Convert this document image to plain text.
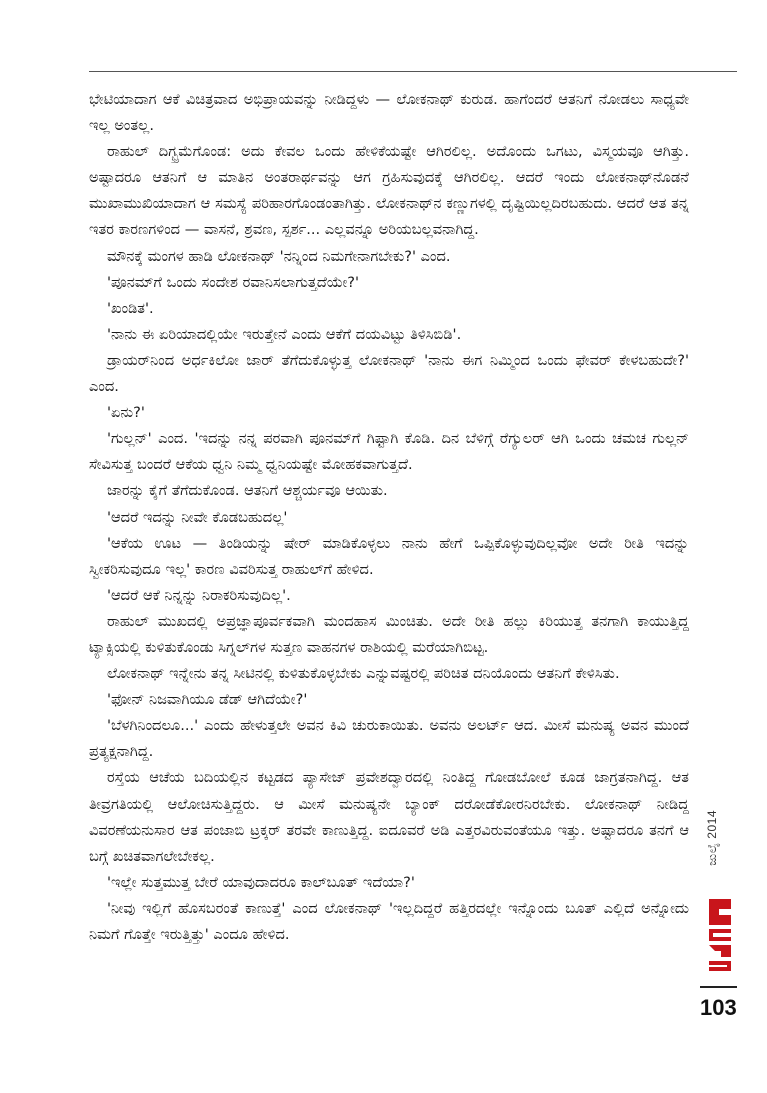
ಭೇಟಿಯಾದಾಗ ಆಕೆ ವಿಚಿತ್ರವಾದ ಅಭಿಪ್ರಾಯವನ್ನು ನೀಡಿದ್ದಳು — ಲೋಕನಾಥ್ ಕುರುಡ. ಹಾಗೆಂದರೆ ಆತನಿಗೆ ನೋಡಲು ಸಾಧ್ಯವೇ ಇಲ್ಲ ಅಂತಲ್ಲ.

ರಾಹುಲ್ ದಿಗ್ಭ್ರಮೆಗೊಂಡ: ಅದು ಕೇವಲ ಒಂದು ಹೇಳಿಕೆಯಷ್ಟೇ ಆಗಿರಲಿಲ್ಲ. ಅದೊಂದು ಒಗಟು, ವಿಸ್ಮಯವೂ ಆಗಿತ್ತು. ಅಷ್ಟಾದರೂ ಆತನಿಗೆ ಆ ಮಾತಿನ ಅಂತರಾರ್ಥವನ್ನು ಆಗ ಗ್ರಹಿಸುವುದಕ್ಕೆ ಆಗಿರಲಿಲ್ಲ. ಆದರೆ ಇಂದು ಲೋಕನಾಥ್‌ನೊಡನೆ ಮುಖಾಮುಖಿಯಾದಾಗ ಆ ಸಮಸ್ಯೆ ಪರಿಹಾರಗೊಂಡಂತಾಗಿತ್ತು. ಲೋಕನಾಥ್‌ನ ಕಣ್ಣುಗಳಲ್ಲಿ ದೃಷ್ಟಿಯಿಲ್ಲದಿರಬಹುದು. ಆದರೆ ಆತ ತನ್ನ ಇತರ ಕಾರಣಗಳಿಂದ — ವಾಸನೆ, ಶ್ರವಣ, ಸ್ಪರ್ಶ... ಎಲ್ಲವನ್ನೂ ಅರಿಯಬಲ್ಲವನಾಗಿದ್ದ.

ಮೌನಕ್ಕೆ ಮಂಗಳ ಹಾಡಿ ಲೋಕನಾಥ್ 'ನನ್ನಿಂದ ನಿಮಗೇನಾಗಬೇಕು?' ಎಂದ.

'ಪೂನಮ್‌ಗೆ ಒಂದು ಸಂದೇಶ ರವಾನಿಸಲಾಗುತ್ತದೆಯೇ?'

'ಖಂಡಿತ'.

'ನಾನು ಈ ಏರಿಯಾದಲ್ಲಿಯೇ ಇರುತ್ತೇನೆ ಎಂದು ಆಕೆಗೆ ದಯವಿಟ್ಟು ತಿಳಿಸಿಬಿಡಿ'.

ಡ್ರಾಯರ್‌ನಿಂದ ಅರ್ಧಕಿಲೋ ಜಾರ್ ತೆಗೆದುಕೊಳ್ಳುತ್ತ ಲೋಕನಾಥ್ 'ನಾನು ಈಗ ನಿಮ್ಮಿಂದ ಒಂದು ಫೇವರ್ ಕೇಳಬಹುದೇ?' ಎಂದ.

'ಏನು?'

'ಗುಲ್ಲನ್' ಎಂದ. 'ಇದನ್ನು ನನ್ನ ಪರವಾಗಿ ಪೂನಮ್‌ಗೆ ಗಿಫ್ಟಾಗಿ ಕೊಡಿ. ದಿನ ಬೆಳಿಗ್ಗೆ ರೆಗ್ಯುಲರ್ ಆಗಿ ಒಂದು ಚಮಚ ಗುಲ್ಲನ್ ಸೇವಿಸುತ್ತ ಬಂದರೆ ಆಕೆಯ ಧ್ವನಿ ನಿಮ್ಮ ಧ್ವನಿಯಷ್ಟೇ ಮೋಹಕವಾಗುತ್ತದೆ.

ಜಾರನ್ನು ಕೈಗೆ ತೆಗೆದುಕೊಂಡ. ಆತನಿಗೆ ಆಶ್ಚರ್ಯವೂ ಆಯಿತು.

'ಆದರೆ ಇದನ್ನು ನೀವೇ ಕೊಡಬಹುದಲ್ಲ'

'ಆಕೆಯ ಊಟ — ತಿಂಡಿಯನ್ನು ಷೇರ್ ಮಾಡಿಕೊಳ್ಳಲು ನಾನು ಹೇಗೆ ಒಪ್ಪಿಕೊಳ್ಳುವುದಿಲ್ಲವೋ ಅದೇ ರೀತಿ ಇದನ್ನು ಸ್ವೀಕರಿಸುವುದೂ ಇಲ್ಲ' ಕಾರಣ ವಿವರಿಸುತ್ತ ರಾಹುಲ್‌ಗೆ ಹೇಳಿದ.

'ಆದರೆ ಆಕೆ ನಿನ್ನನ್ನು ನಿರಾಕರಿಸುವುದಿಲ್ಲ'.

ರಾಹುಲ್ ಮುಖದಲ್ಲಿ ಅಪ್ರಜ್ಞಾಪೂರ್ವಕವಾಗಿ ಮಂದಹಾಸ ಮಿಂಚಿತು. ಅದೇ ರೀತಿ ಹಲ್ಲು ಕಿರಿಯುತ್ತ ತನಗಾಗಿ ಕಾಯುತ್ತಿದ್ದ ಟ್ಯಾಕ್ಸಿಯಲ್ಲಿ ಕುಳಿತುಕೊಂಡು ಸಿಗ್ನಲ್‌ಗಳ ಸುತ್ತಣ ವಾಹನಗಳ ರಾಶಿಯಲ್ಲಿ ಮರೆಯಾಗಿಬಿಟ್ಟ.

ಲೋಕನಾಥ್ ಇನ್ನೇನು ತನ್ನ ಸೀಟಿನಲ್ಲಿ ಕುಳಿತುಕೊಳ್ಳಬೇಕು ಎನ್ನುವಷ್ಟರಲ್ಲಿ ಪರಿಚಿತ ದನಿಯೊಂದು ಆತನಿಗೆ ಕೇಳಿಸಿತು.

'ಫೋನ್ ನಿಜವಾಗಿಯೂ ಡೆಡ್ ಆಗಿದೆಯೇ?'

'ಬೆಳಗಿನಿಂದಲೂ...' ಎಂದು ಹೇಳುತ್ತಲೇ ಅವನ ಕಿವಿ ಚುರುಕಾಯಿತು. ಅವನು ಅಲರ್ಟ್ ಆದ. ಮೀಸೆ ಮನುಷ್ಯ ಅವನ ಮುಂದೆ ಪ್ರತ್ಯಕ್ಷನಾಗಿದ್ದ.

ರಸ್ತೆಯ ಆಚೆಯ ಬದಿಯಲ್ಲಿನ ಕಟ್ಟಡದ ಪ್ಯಾಸೇಜ್ ಪ್ರವೇಶದ್ವಾರದಲ್ಲಿ ನಿಂತಿದ್ದ ಗೋಡಬೋಲೆ ಕೂಡ ಜಾಗ್ರತನಾಗಿದ್ದ. ಆತ ತೀವ್ರಗತಿಯಲ್ಲಿ ಆಲೋಚಿಸುತ್ತಿದ್ದರು. ಆ ಮೀಸೆ ಮನುಷ್ಯನೇ ಬ್ಯಾಂಕ್ ದರೋಡೆಕೋರನಿರಬೇಕು. ಲೋಕನಾಥ್ ನೀಡಿದ್ದ ವಿವರಣೆಯನುಸಾರ ಆತ ಪಂಜಾಬಿ ಟ್ರಕ್ಕರ್ ತರವೇ ಕಾಣುತ್ತಿದ್ದ. ಐದೂವರೆ ಅಡಿ ಎತ್ತರವಿರುವಂತೆಯೂ ಇತ್ತು. ಅಷ್ಟಾದರೂ ತನಗೆ ಆ ಬಗ್ಗೆ ಖಚಿತವಾಗಲೇಬೇಕಲ್ಲ.

'ಇಲ್ಲೇ ಸುತ್ತಮುತ್ತ ಬೇರೆ ಯಾವುದಾದರೂ ಕಾಲ್‌ಬೂತ್ ಇದೆಯಾ?'

'ನೀವು ಇಲ್ಲಿಗೆ ಹೊಸಬರಂತೆ ಕಾಣುತ್ತೆ' ಎಂದ ಲೋಕನಾಥ್ 'ಇಲ್ಲದಿದ್ದರೆ ಹತ್ತಿರದಲ್ಲೇ ಇನ್ನೊಂದು ಬೂತ್ ಎಲ್ಲಿದೆ ಅನ್ನೋದು ನಿಮಗೆ ಗೊತ್ತೇ ಇರುತ್ತಿತ್ತು' ಎಂದೂ ಹೇಳಿದ.

ಜುಲೈ 2014
103
